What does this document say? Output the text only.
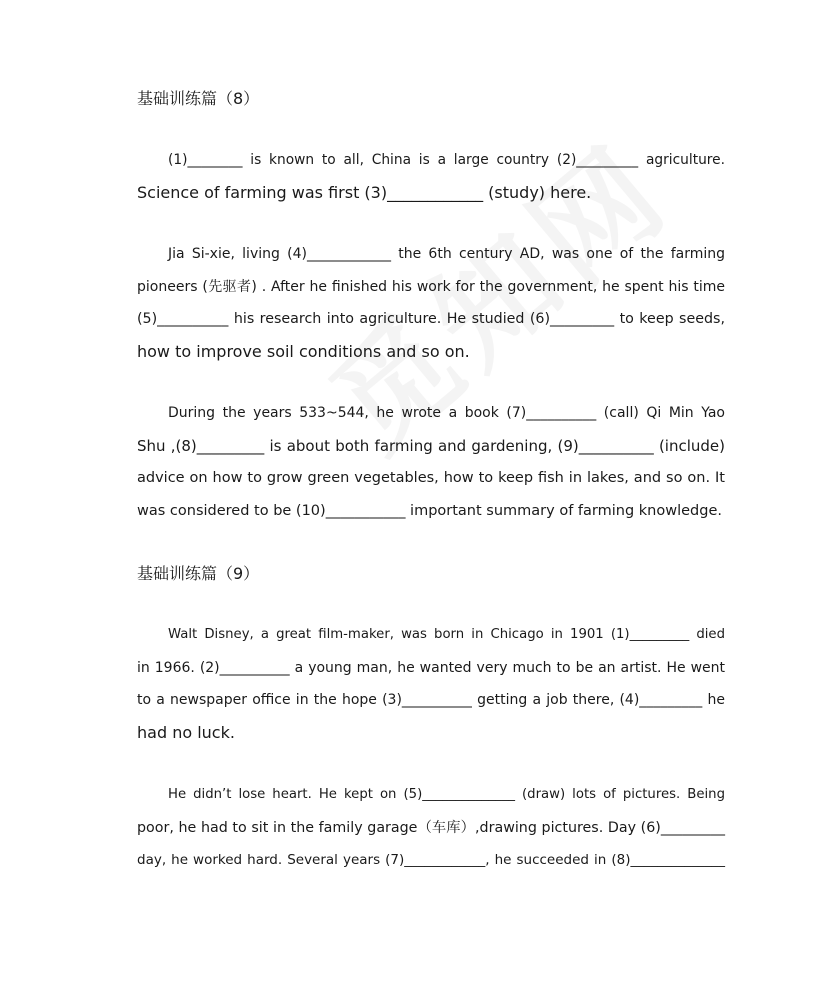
基础训练篇（8）
(1)________ is known to all, China is a large country (2)_________ agriculture.
Science of farming was first (3)____________ (study) here.
Jia Si-xie, living (4)____________ the 6th century AD, was one of the farming
pioneers (先驱者) . After he finished his work for the government, he spent his time
(5)__________ his research into agriculture. He studied (6)_________ to keep seeds,
how to improve soil conditions and so on.
During the years 533~544, he wrote a book (7)__________ (call) Qi Min Yao
Shu ,(8)_________ is about both farming and gardening, (9)__________ (include)
advice on how to grow green vegetables, how to keep fish in lakes, and so on. It
was considered to be (10)___________ important summary of farming knowledge.
基础训练篇（9）
Walt Disney, a great film-maker, was born in Chicago in 1901 (1)_________ died
in 1966. (2)__________ a young man, he wanted very much to be an artist. He went
to a newspaper office in the hope (3)__________ getting a job there, (4)_________ he
had no luck.
He didn’t lose heart. He kept on (5)______________ (draw) lots of pictures. Being
poor, he had to sit in the family garage（车库）,drawing pictures. Day (6)_________
day, he worked hard. Several years (7)____________, he succeeded in (8)______________
